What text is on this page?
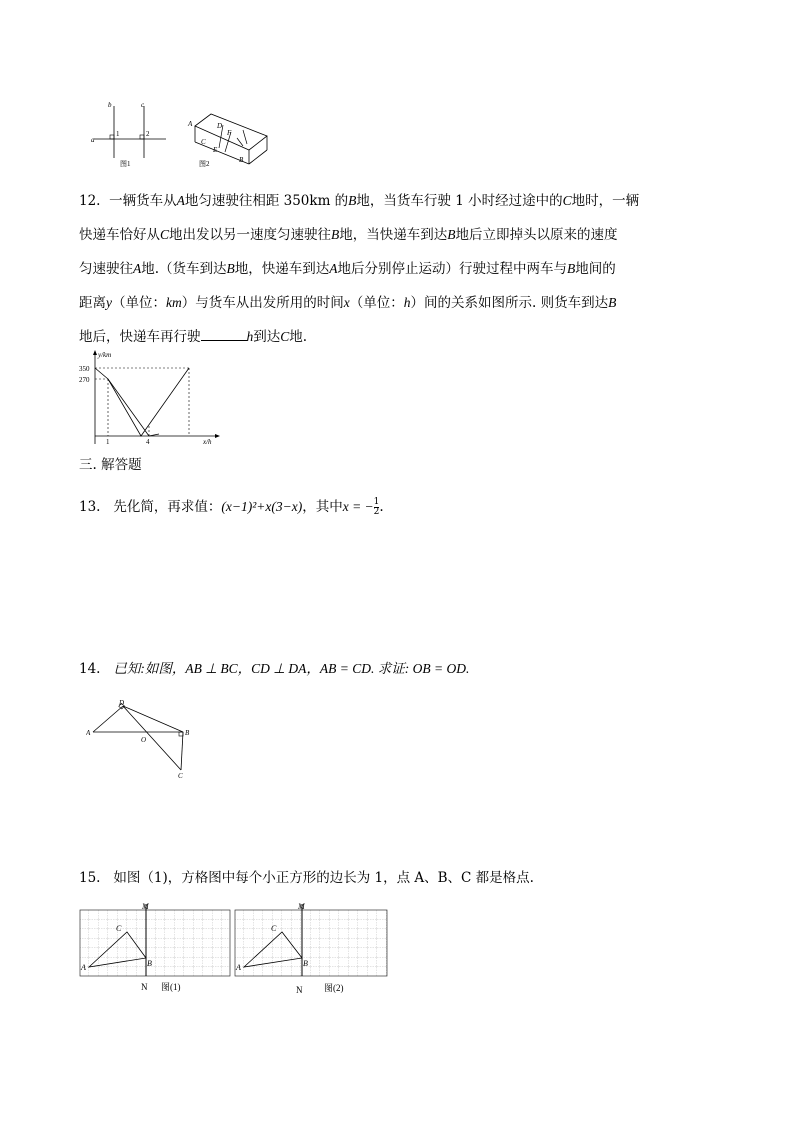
a
b	c
1	2
图1
A	D
F
C
E
B
图2

12. 一辆货车从A地匀速驶往相距 350km 的B地，当货车行驶 1 小时经过途中的C地时，一辆

快递车恰好从C地出发以另一速度匀速驶往B地，当快递车到达B地后立即掉头以原来的速度

匀速驶往A地.（货车到达B地，快递车到达A地后分别停止运动）行驶过程中两车与B地间的

距离y（单位：km）与货车从出发所用的时间x（单位：h）间的关系如图所示. 则货车到达B

地后，快递车再行驶	h到达C地.

y/km
x/h
350
270
1	4
三. 解答题
13. 先化简，再求值：(x−1)²+x(3−x)，其中x = − $\frac{1}{2}$ .
14. 已知:如图，AB ⊥ BC，CD ⊥ DA，AB = CD. 求证: OB = OD.
A
D
B
C
O
15. 如图（1)，方格图中每个小正方形的边长为 1，点 A、B、C 都是格点.
M
A	B
C
N 图(1)
M
A	B
C
N 图(2)
